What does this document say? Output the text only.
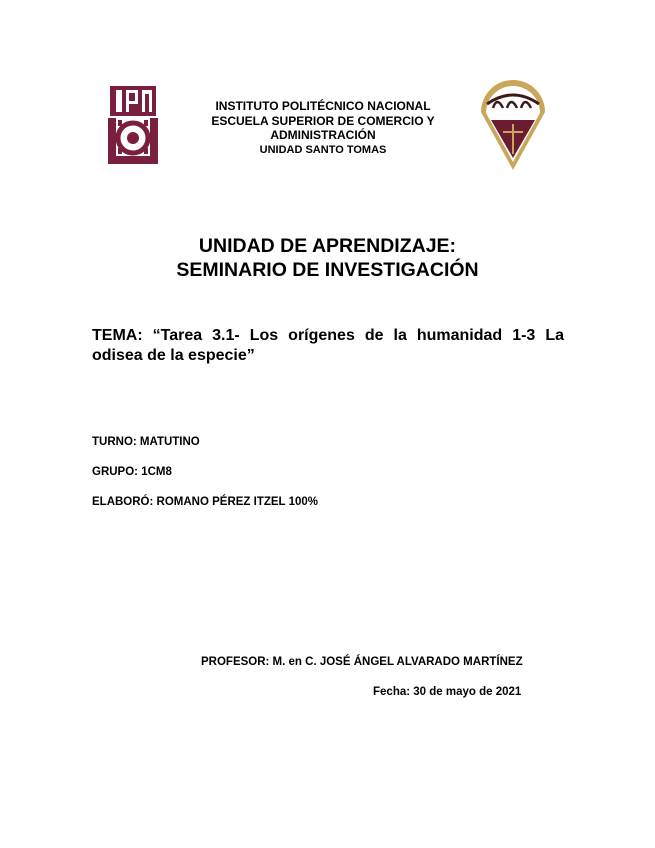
INSTITUTO POLITÉCNICO NACIONAL
ESCUELA SUPERIOR DE COMERCIO Y
ADMINISTRACIÓN
UNIDAD SANTO TOMAS
UNIDAD DE APRENDIZAJE:
SEMINARIO DE INVESTIGACIÓN
TEMA: “Tarea 3.1- Los orígenes de la humanidad 1-3 La odisea de la especie”
TURNO: MATUTINO
GRUPO: 1CM8
ELABORÓ: ROMANO PÉREZ ITZEL 100%
PROFESOR: M. en C. JOSÉ ÁNGEL ALVARADO MARTÍNEZ
Fecha: 30 de mayo de 2021
